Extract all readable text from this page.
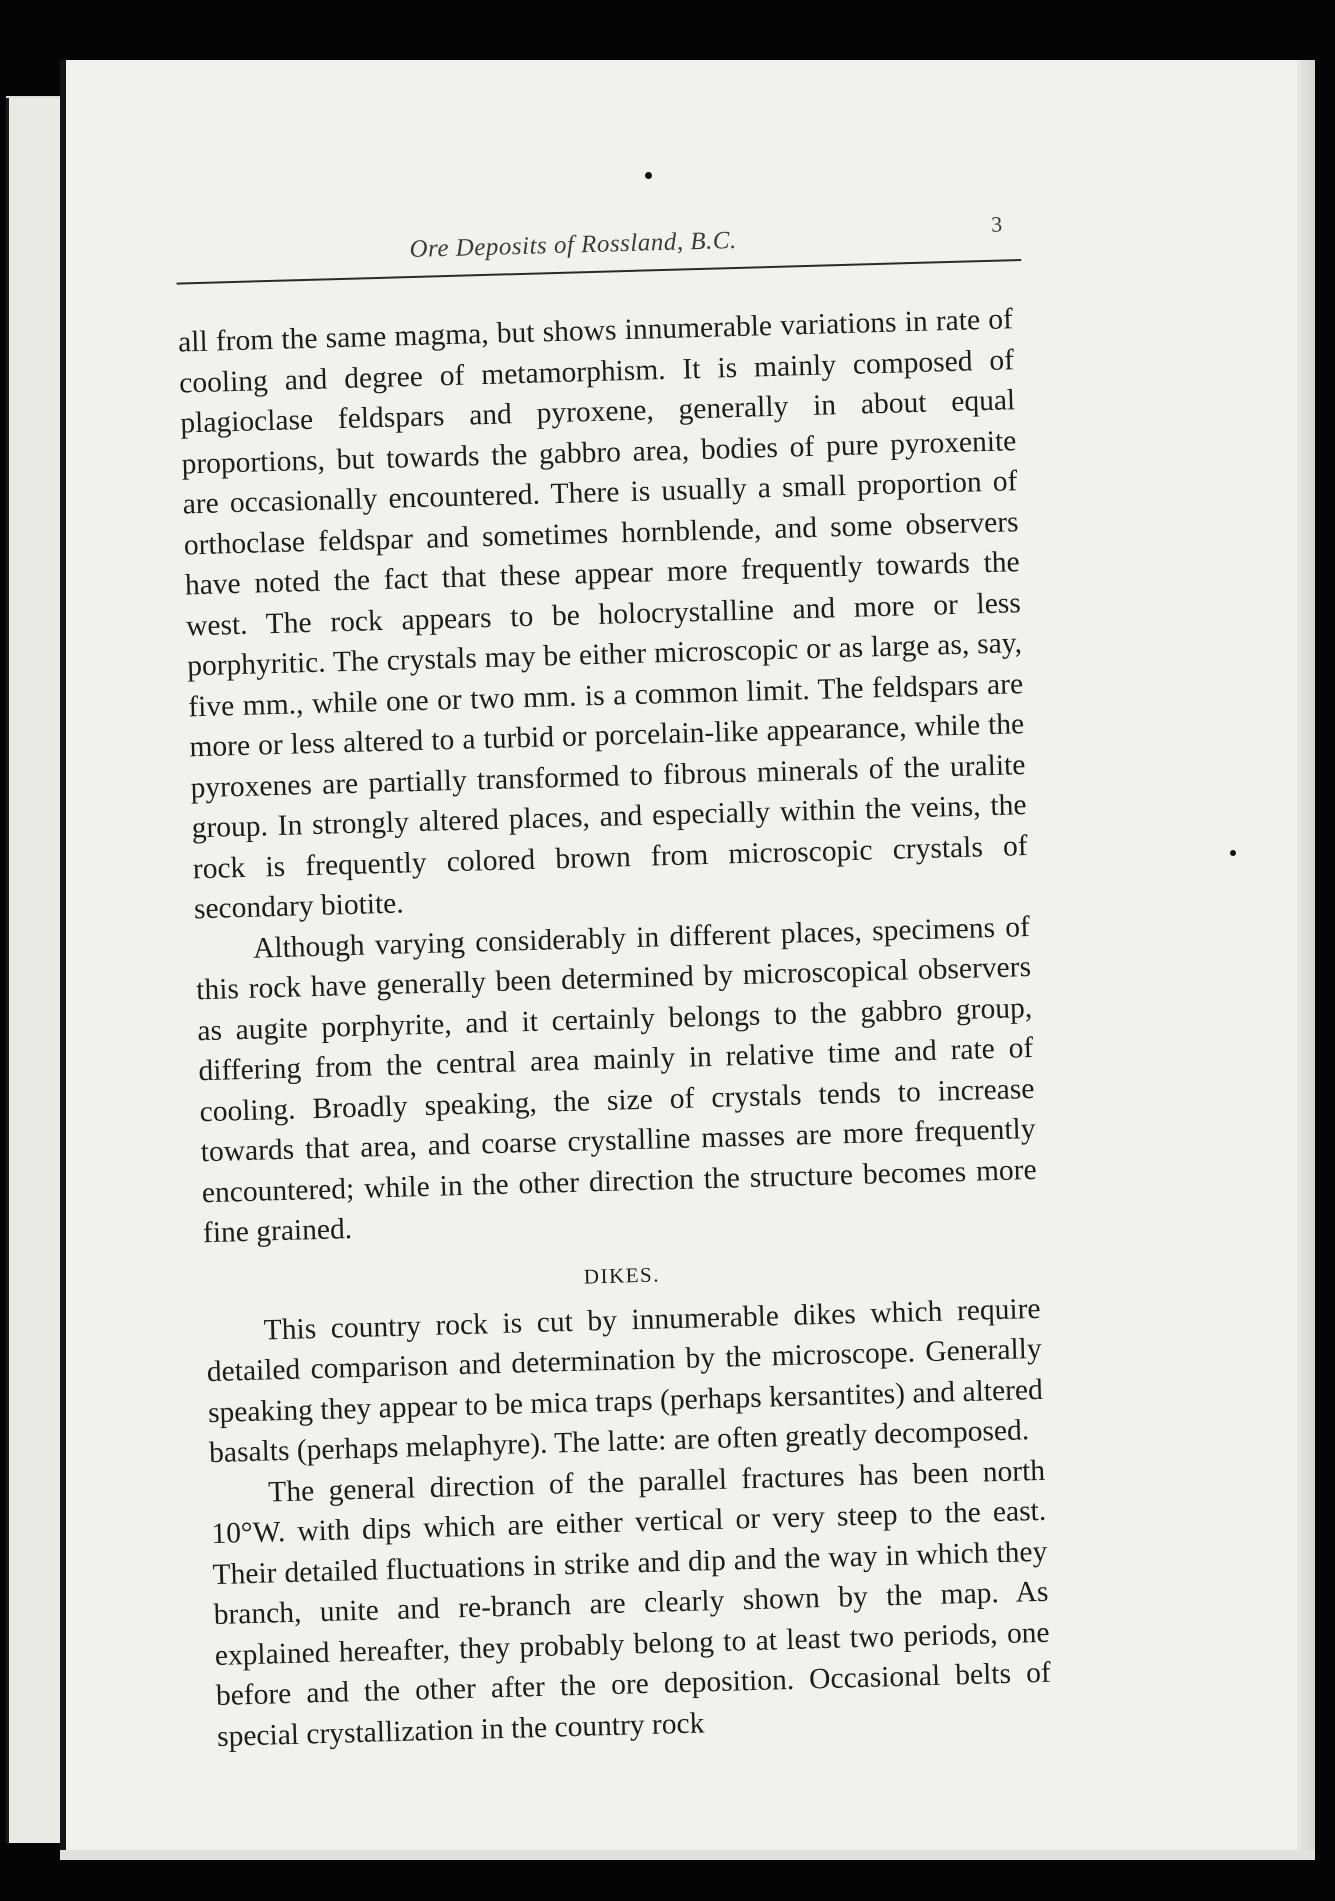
Ore Deposits of Rossland, B.C.
3

all from the same magma, but shows innumerable variations in rate of cooling and degree of metamorphism. It is mainly composed of plagioclase feldspars and pyroxene, generally in about equal proportions, but towards the gabbro area, bodies of pure pyroxenite are occasionally encountered. There is usually a small proportion of orthoclase feldspar and sometimes hornblende, and some observers have noted the fact that these appear more frequently towards the west. The rock appears to be holocrystalline and more or less porphyritic. The crystals may be either microscopic or as large as, say, five mm., while one or two mm. is a common limit. The feldspars are more or less altered to a turbid or porcelain-like appearance, while the pyroxenes are partially transformed to fibrous minerals of the uralite group. In strongly altered places, and especially within the veins, the rock is frequently colored brown from microscopic crystals of secondary biotite.

Although varying considerably in different places, specimens of this rock have generally been determined by microscopical observers as augite porphyrite, and it certainly belongs to the gabbro group, differing from the central area mainly in relative time and rate of cooling. Broadly speaking, the size of crystals tends to increase towards that area, and coarse crystalline masses are more frequently encountered; while in the other direction the structure becomes more fine grained.

DIKES.

This country rock is cut by innumerable dikes which require detailed comparison and determination by the microscope. Generally speaking they appear to be mica traps (perhaps kersantites) and altered basalts (perhaps melaphyre). The latte: are often greatly decomposed.

The general direction of the parallel fractures has been north 10°W. with dips which are either vertical or very steep to the east. Their detailed fluctuations in strike and dip and the way in which they branch, unite and re-branch are clearly shown by the map. As explained hereafter, they probably belong to at least two periods, one before and the other after the ore deposition. Occasional belts of special crystallization in the country rock
